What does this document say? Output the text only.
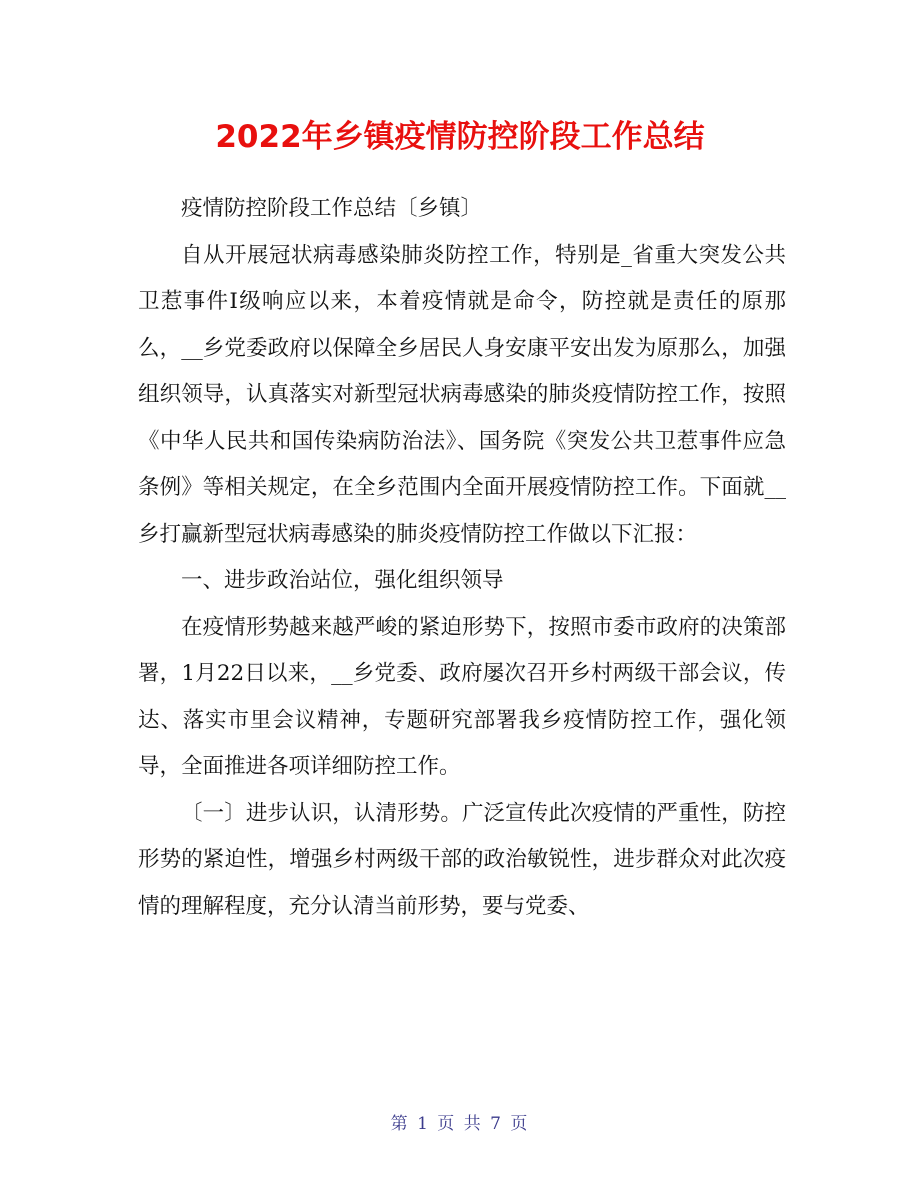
2022年乡镇疫情防控阶段工作总结

疫情防控阶段工作总结〔乡镇〕

自从开展冠状病毒感染肺炎防控工作，特别是_省重大突发公共卫惹事件Ⅰ级响应以来，本着疫情就是命令，防控就是责任的原那么，__乡党委政府以保障全乡居民人身安康平安出发为原那么，加强组织领导，认真落实对新型冠状病毒感染的肺炎疫情防控工作，按照《中华人民共和国传染病防治法》、国务院《突发公共卫惹事件应急条例》等相关规定，在全乡范围内全面开展疫情防控工作。下面就__乡打赢新型冠状病毒感染的肺炎疫情防控工作做以下汇报：

一、进步政治站位，强化组织领导

在疫情形势越来越严峻的紧迫形势下，按照市委市政府的决策部署，1月22日以来，__乡党委、政府屡次召开乡村两级干部会议，传达、落实市里会议精神，专题研究部署我乡疫情防控工作，强化领导，全面推进各项详细防控工作。

〔一〕进步认识，认清形势。广泛宣传此次疫情的严重性，防控形势的紧迫性，增强乡村两级干部的政治敏锐性，进步群众对此次疫情的理解程度，充分认清当前形势，要与党委、

第 1 页 共 7 页
